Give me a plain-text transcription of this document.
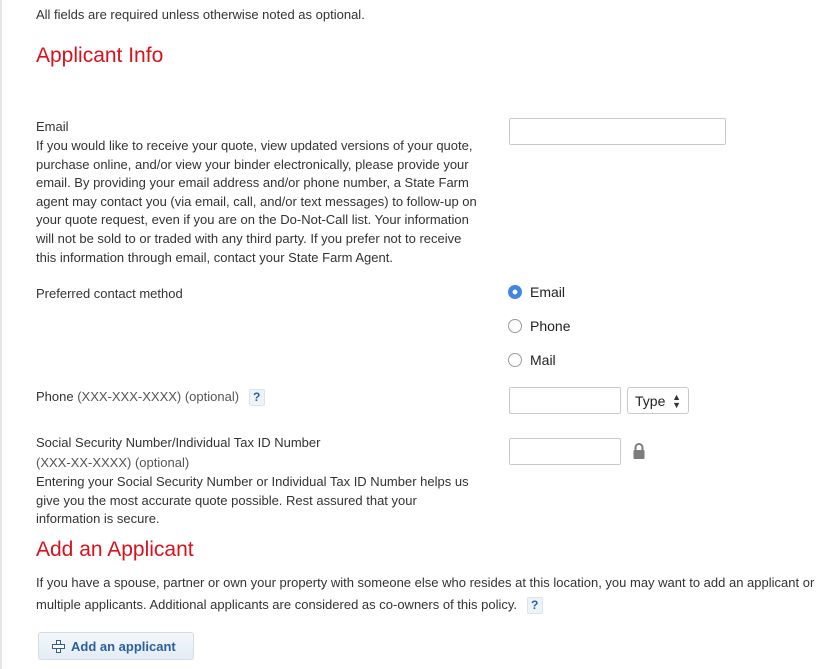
All fields are required unless otherwise noted as optional.
Applicant Info
Email
If you would like to receive your quote, view updated versions of your quote, purchase online, and/or view your binder electronically, please provide your email. By providing your email address and/or phone number, a State Farm agent may contact you (via email, call, and/or text messages) to follow-up on your quote request, even if you are on the Do-Not-Call list. Your information will not be sold to or traded with any third party. If you prefer not to receive this information through email, contact your State Farm Agent.
Preferred contact method	Email
Phone
Mail
Phone (XXX-XXX-XXXX) (optional) ?	Type ▲
▼
Social Security Number/Individual Tax ID Number
(XXX-XX-XXXX) (optional)
Entering your Social Security Number or Individual Tax ID Number helps us give you the most accurate quote possible. Rest assured that your information is secure.
Add an Applicant
If you have a spouse, partner or own your property with someone else who resides at this location, you may want to add an applicant or multiple applicants. Additional applicants are considered as co-owners of this policy. ?
Add an applicant
